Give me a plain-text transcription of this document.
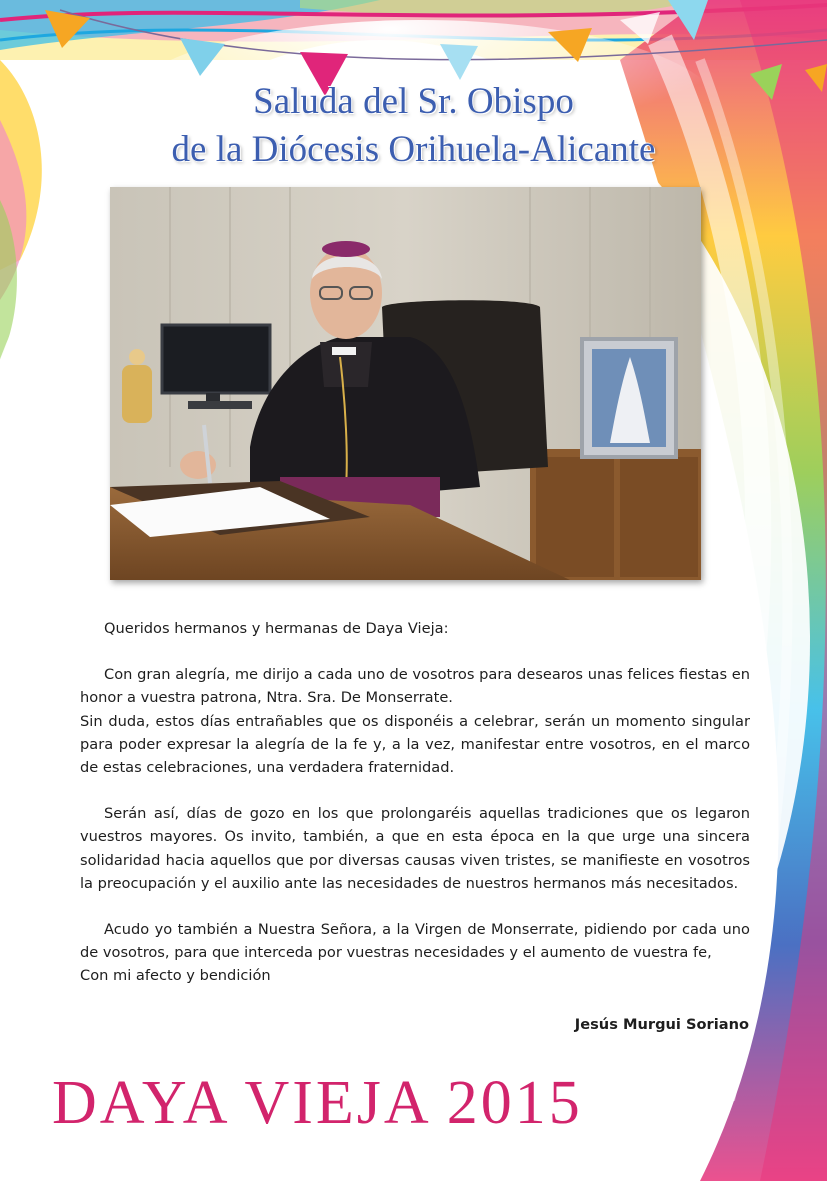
Saluda del Sr. Obispo
de la Diócesis Orihuela-Alicante

Queridos hermanos y hermanas de Daya Vieja:

Con gran alegría, me dirijo a cada uno de vosotros para desearos unas felices fiestas en honor a vuestra patrona, Ntra. Sra. De Monserrate.

Sin duda, estos días entrañables que os disponéis a celebrar, serán un momento singular para poder expresar la alegría de la fe y, a la vez, manifestar entre vosotros, en el marco de estas celebraciones, una verdadera fraternidad.

Serán así, días de gozo en los que prolongaréis aquellas tradiciones que os legaron vuestros mayores. Os invito, también, a que en esta época en la que urge una sincera solidaridad hacia aquellos que por diversas causas viven tristes, se manifieste en vosotros la preocupación y el auxilio ante las necesidades de nuestros hermanos más necesitados.

Acudo yo también a Nuestra Señora, a la Virgen de Monserrate, pidiendo por cada uno de vosotros, para que interceda por vuestras necesidades y el aumento de vuestra fe,

Con mi afecto y bendición

Jesús Murgui Soriano
DAYA VIEJA 2015
